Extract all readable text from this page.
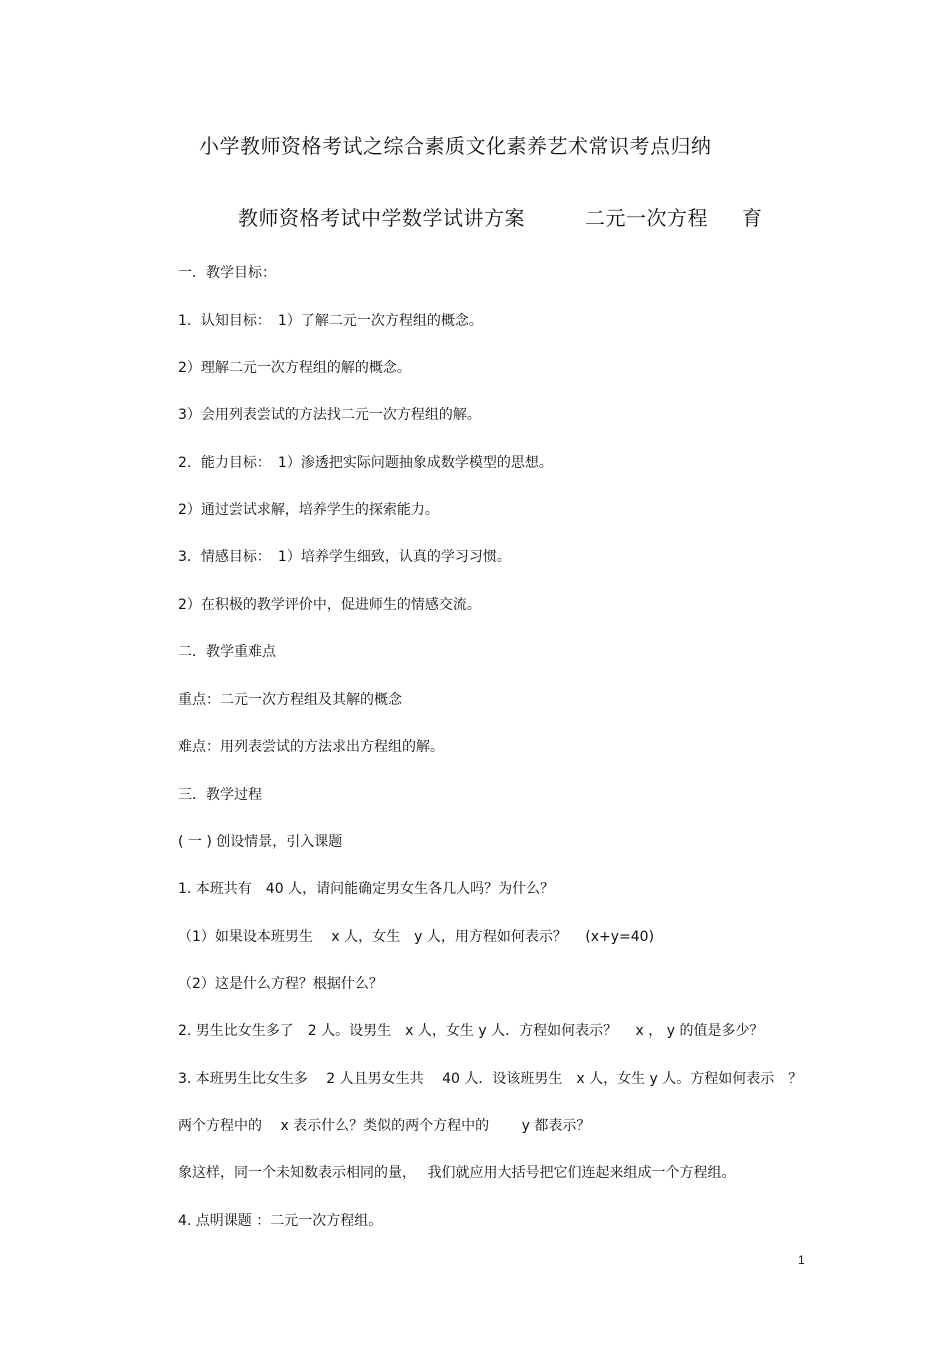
小学教师资格考试之综合素质文化素养艺术常识考点归纳
教师资格考试中学数学试讲方案	二元一次方程 育
一．教学目标：
1．认知目标：　1）了解二元一次方程组的概念。
2）理解二元一次方程组的解的概念。
3）会用列表尝试的方法找二元一次方程组的解。
2．能力目标：　1）渗透把实际问题抽象成数学模型的思想。
2）通过尝试求解，培养学生的探索能力。
3．情感目标：　1）培养学生细致，认真的学习习惯。
2）在积极的教学评价中，促进师生的情感交流。
二．教学重难点
重点：二元一次方程组及其解的概念
难点：用列表尝试的方法求出方程组的解。
三．教学过程
( 一 ) 创设情景，引入课题
1. 本班共有　40 人，请问能确定男女生各几人吗？为什么？
（1）如果设本班男生　 x 人，女生　y 人，用方程如何表示？　 (x+y=40)
（2）这是什么方程？根据什么？
2. 男生比女生多了　2 人。设男生　x 人，女生 y 人．方程如何表示？　 x ， y 的值是多少？
3. 本班男生比女生多　 2 人且男女生共　 40 人．设该班男生　x 人，女生 y 人。方程如何表示　？
两个方程中的　 x 表示什么？类似的两个方程中的　　 y 都表示？
象这样，同一个未知数表示相同的量，　 我们就应用大括号把它们连起来组成一个方程组。
4. 点明课题 ：二元一次方程组。
1
